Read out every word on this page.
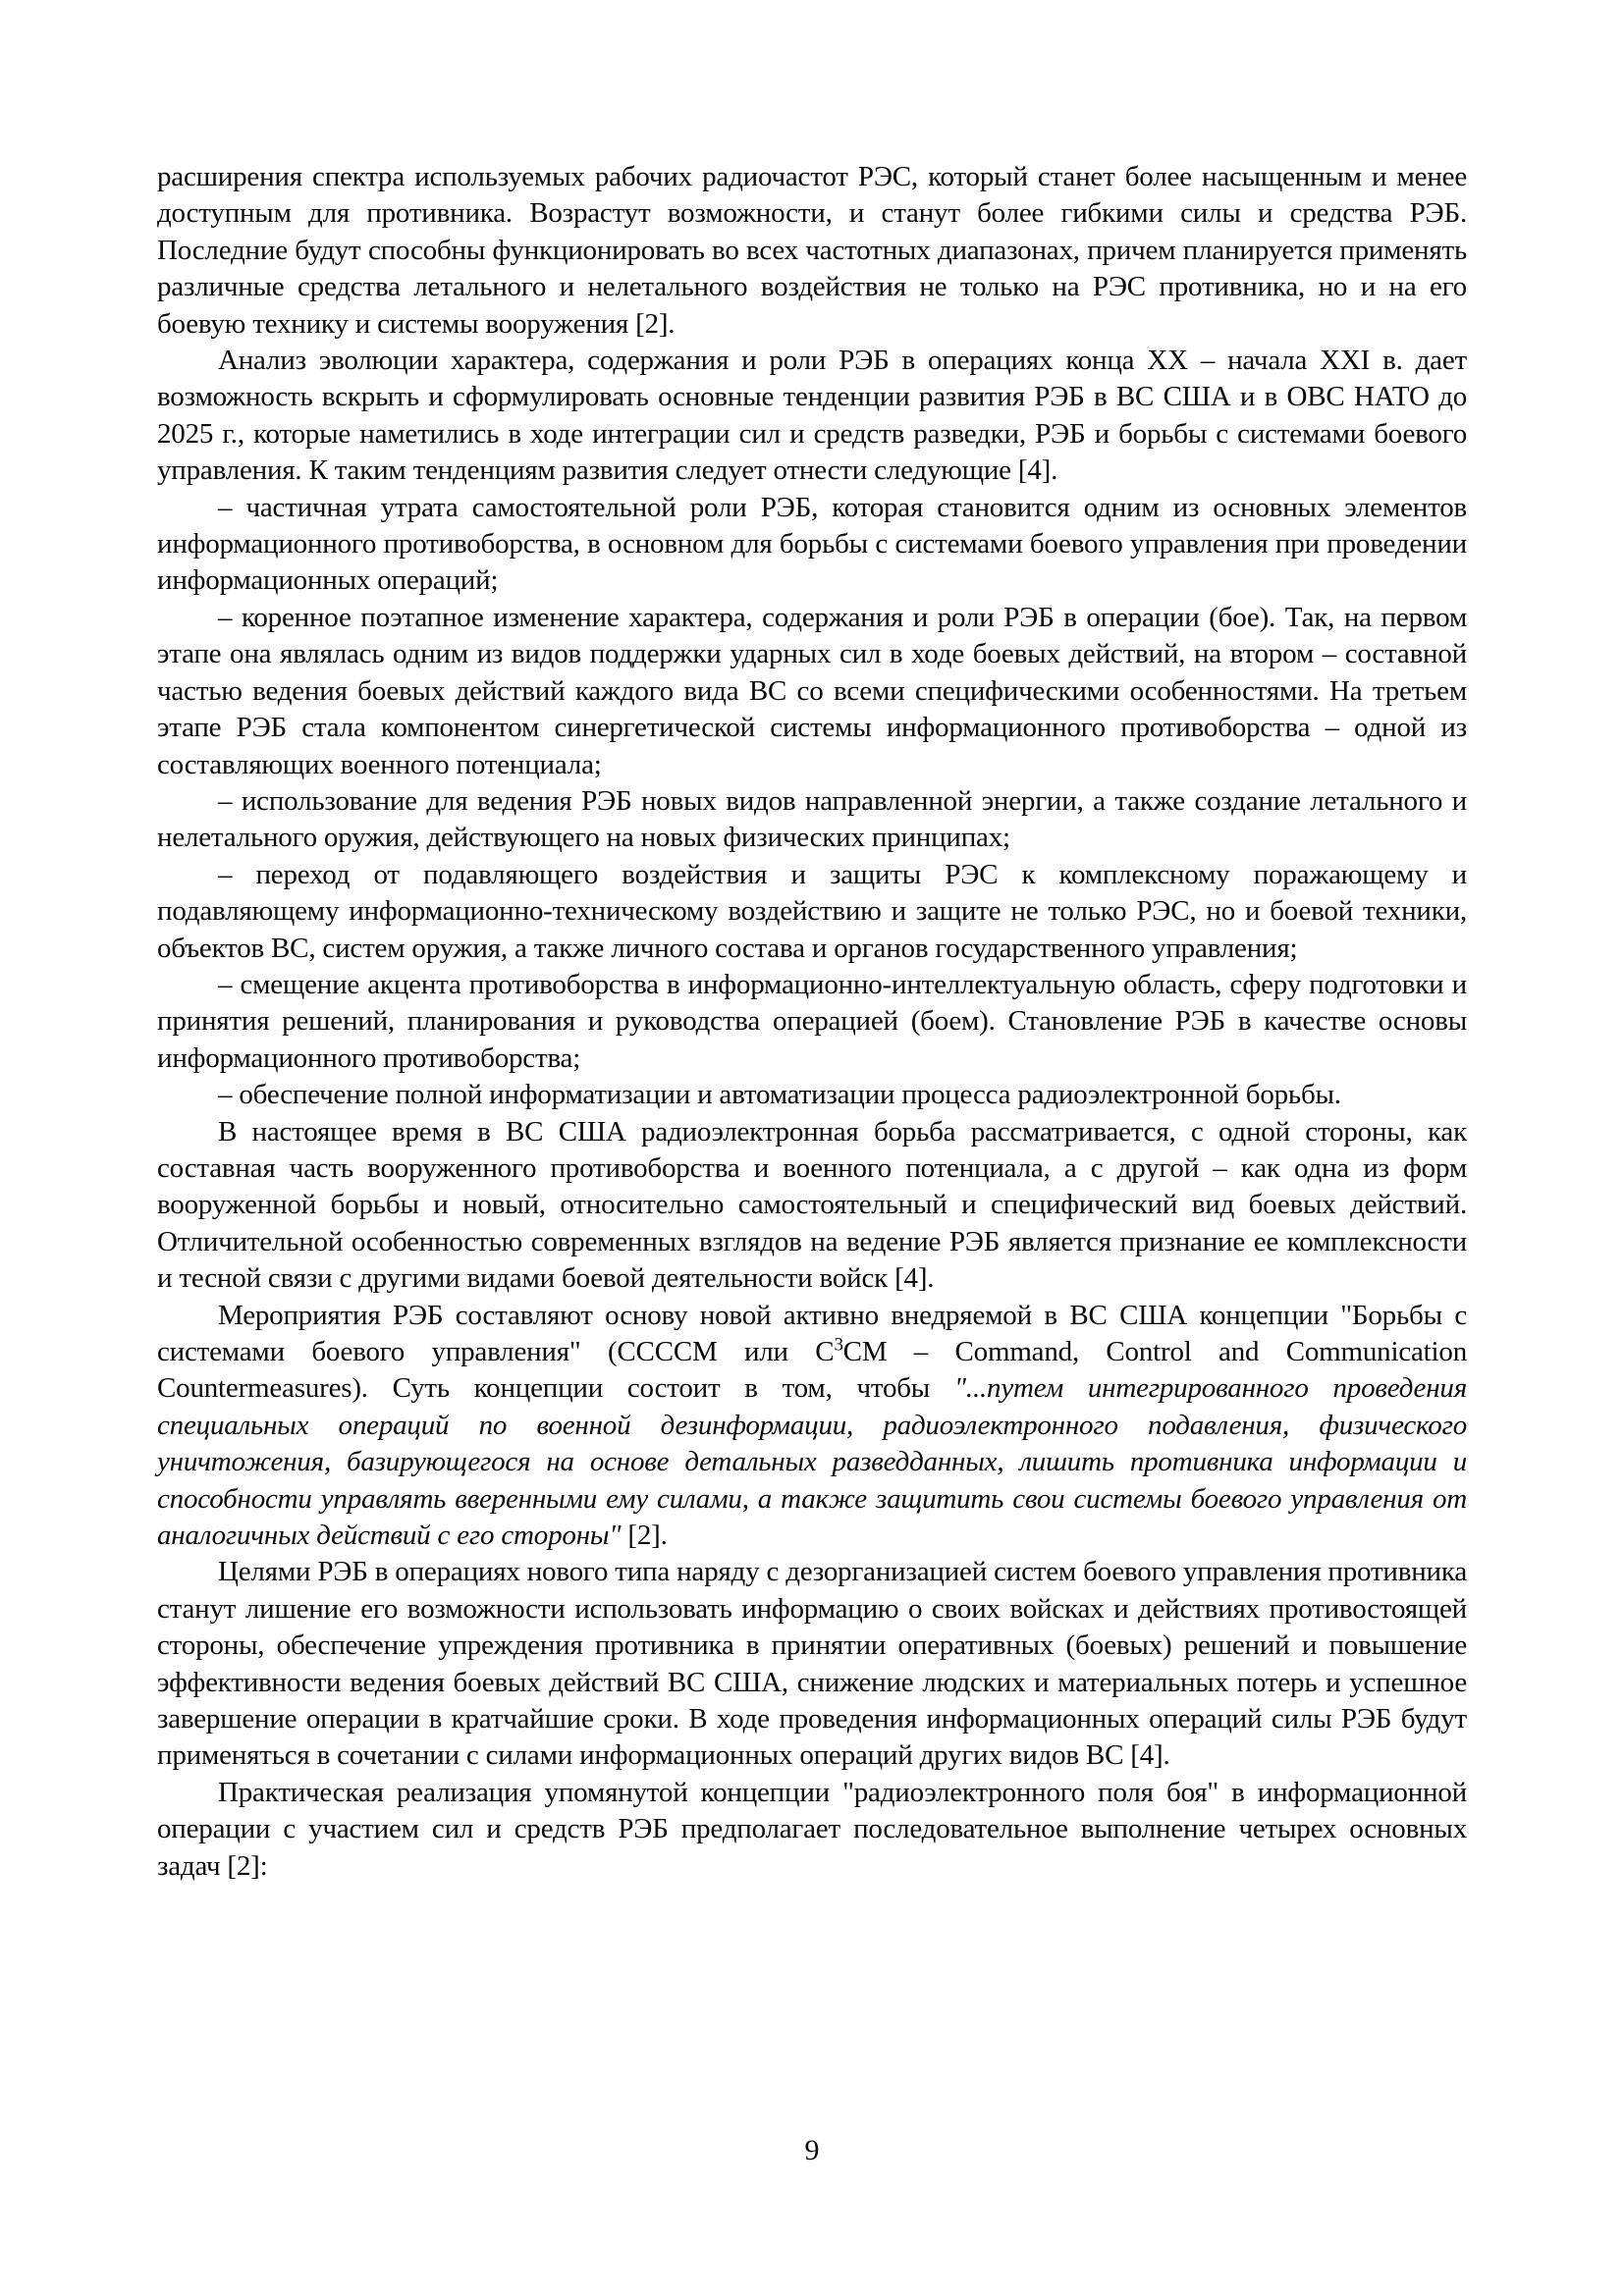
расширения спектра используемых рабочих радиочастот РЭС, который станет более насыщенным и менее доступным для противника. Возрастут возможности, и станут более гибкими силы и средства РЭБ. Последние будут способны функционировать во всех частотных диапазонах, причем планируется применять различные средства летального и нелетального воздействия не только на РЭС противника, но и на его боевую технику и системы вооружения [2].

Анализ эволюции характера, содержания и роли РЭБ в операциях конца XX – начала XXI в. дает возможность вскрыть и сформулировать основные тенденции развития РЭБ в ВС США и в ОВС НАТО до 2025 г., которые наметились в ходе интеграции сил и средств разведки, РЭБ и борьбы с системами боевого управления. К таким тенденциям развития следует отнести следующие [4].

– частичная утрата самостоятельной роли РЭБ, которая становится одним из основных элементов информационного противоборства, в основном для борьбы с системами боевого управления при проведении информационных операций;

– коренное поэтапное изменение характера, содержания и роли РЭБ в операции (бое). Так, на первом этапе она являлась одним из видов поддержки ударных сил в ходе боевых действий, на втором – составной частью ведения боевых действий каждого вида ВС со всеми специфическими особенностями. На третьем этапе РЭБ стала компонентом синергетической системы информационного противоборства – одной из составляющих военного потенциала;

– использование для ведения РЭБ новых видов направленной энергии, а также создание летального и нелетального оружия, действующего на новых физических принципах;

– переход от подавляющего воздействия и защиты РЭС к комплексному поражающему и подавляющему информационно-техническому воздействию и защите не только РЭС, но и боевой техники, объектов ВС, систем оружия, а также личного состава и органов государственного управления;

– смещение акцента противоборства в информационно-интеллектуальную область, сферу подготовки и принятия решений, планирования и руководства операцией (боем). Становление РЭБ в качестве основы информационного противоборства;

– обеспечение полной информатизации и автоматизации процесса радиоэлектронной борьбы.

В настоящее время в ВС США радиоэлектронная борьба рассматривается, с одной стороны, как составная часть вооруженного противоборства и военного потенциала, а с другой – как одна из форм вооруженной борьбы и новый, относительно самостоятельный и специфический вид боевых действий. Отличительной особенностью современных взглядов на ведение РЭБ является признание ее комплексности и тесной связи с другими видами боевой деятельности войск [4].

Мероприятия РЭБ составляют основу новой активно внедряемой в ВС США концепции "Борьбы с системами боевого управления" (ССССМ или $С^3СМ$ – Command, Control and Communication Countermeasures). Суть концепции состоит в том, чтобы "...путем интегрированного проведения специальных операций по военной дезинформации, радиоэлектронного подавления, физического уничтожения, базирующегося на основе детальных разведданных, лишить противника информации и способности управлять вверенными ему силами, а также защитить свои системы боевого управления от аналогичных действий с его стороны" [2].

Целями РЭБ в операциях нового типа наряду с дезорганизацией систем боевого управления противника станут лишение его возможности использовать информацию о своих войсках и действиях противостоящей стороны, обеспечение упреждения противника в принятии оперативных (боевых) решений и повышение эффективности ведения боевых действий ВС США, снижение людских и материальных потерь и успешное завершение операции в кратчайшие сроки. В ходе проведения информационных операций силы РЭБ будут применяться в сочетании с силами информационных операций других видов ВС [4].

Практическая реализация упомянутой концепции "радиоэлектронного поля боя" в информационной операции с участием сил и средств РЭБ предполагает последовательное выполнение четырех основных задач [2]:

9
